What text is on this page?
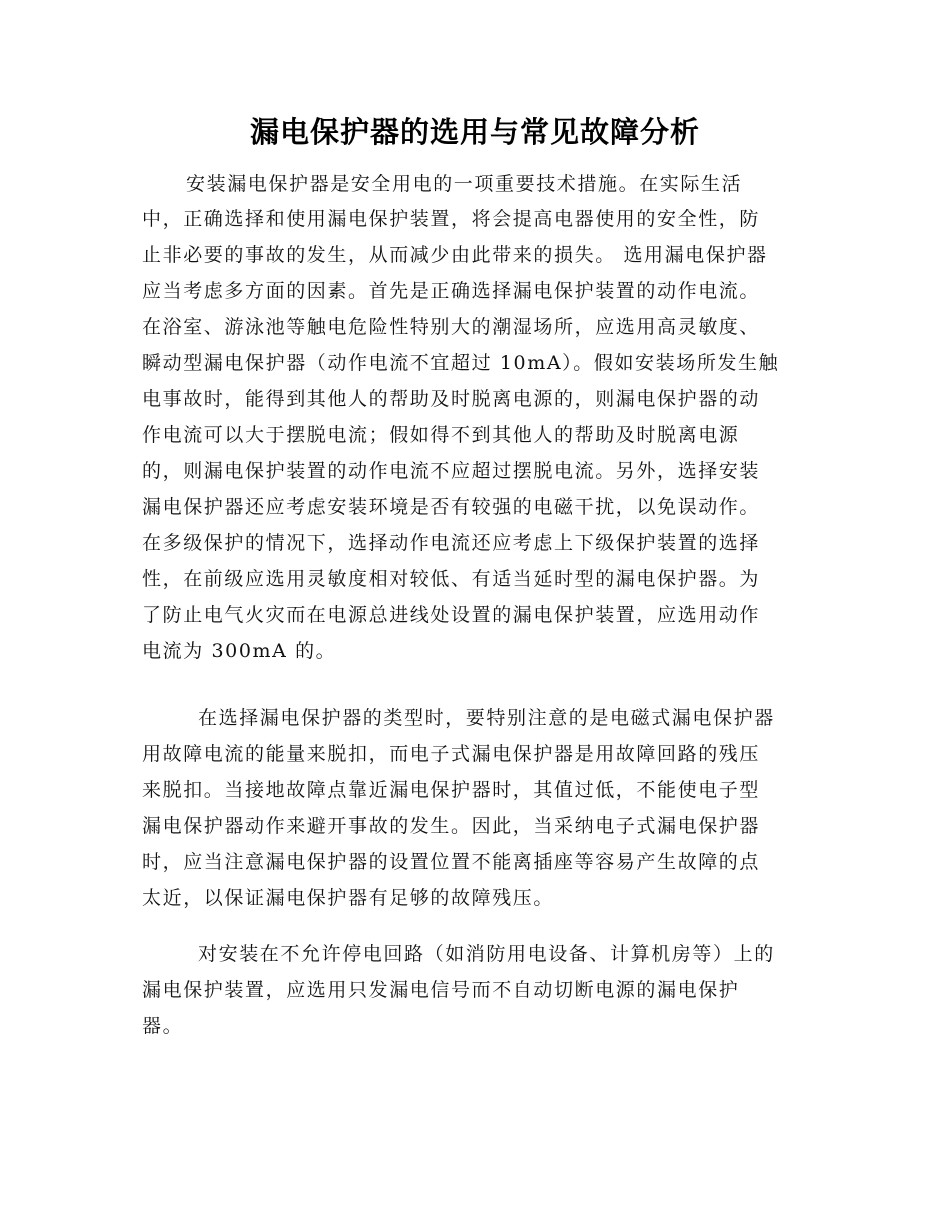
漏电保护器的选用与常见故障分析
安装漏电保护器是安全用电的一项重要技术措施。在实际生活
中，正确选择和使用漏电保护装置，将会提高电器使用的安全性，防
止非必要的事故的发生，从而减少由此带来的损失。 选用漏电保护器
应当考虑多方面的因素。首先是正确选择漏电保护装置的动作电流。
在浴室、游泳池等触电危险性特别大的潮湿场所，应选用高灵敏度、
瞬动型漏电保护器（动作电流不宜超过 10mA）。假如安装场所发生触
电事故时，能得到其他人的帮助及时脱离电源的，则漏电保护器的动
作电流可以大于摆脱电流；假如得不到其他人的帮助及时脱离电源
的，则漏电保护装置的动作电流不应超过摆脱电流。另外，选择安装
漏电保护器还应考虑安装环境是否有较强的电磁干扰，以免误动作。
在多级保护的情况下，选择动作电流还应考虑上下级保护装置的选择
性，在前级应选用灵敏度相对较低、有适当延时型的漏电保护器。为
了防止电气火灾而在电源总进线处设置的漏电保护装置，应选用动作
电流为 300mA 的。
在选择漏电保护器的类型时，要特别注意的是电磁式漏电保护器
用故障电流的能量来脱扣，而电子式漏电保护器是用故障回路的残压
来脱扣。当接地故障点靠近漏电保护器时，其值过低，不能使电子型
漏电保护器动作来避开事故的发生。因此，当采纳电子式漏电保护器
时，应当注意漏电保护器的设置位置不能离插座等容易产生故障的点
太近，以保证漏电保护器有足够的故障残压。
对安装在不允许停电回路（如消防用电设备、计算机房等）上的
漏电保护装置，应选用只发漏电信号而不自动切断电源的漏电保护
器。
